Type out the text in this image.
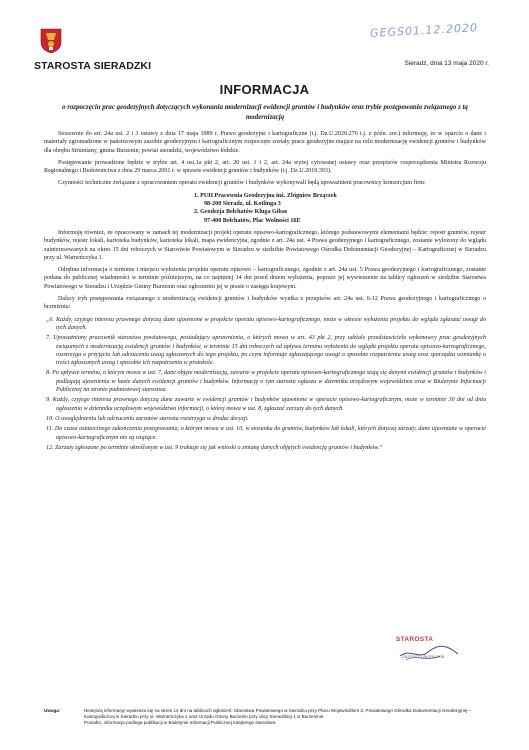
STAROSTA SIERADZKI
GEGS01.12.2020
Sieradz, dnia 13 maja 2020 r.
INFORMACJA
o rozpoczęciu prac geodezyjnych dotyczących wykonania modernizacji ewidencji gruntów i budynków oraz trybie postępowania związanego z tą modernizacją

Stosownie do art. 24a ust. 2 i 3 ustawy z dnia 17 maja 1989 r. Prawo geodezyjne i kartograficzne (t.j. Dz.U.2020.276 t.j. z późn. zm.) informuję, że w oparciu o dane i materiały zgromadzone w państwowym zasobie geodezyjnym i kartograficznym rozpoczęte zostały prace geodezyjne mające na celu modernizację ewidencji gruntów i budynków dla obrębu Strumiany, gmina Burzenin, powiat sieradzki, województwo łódzkie.

Postępowanie prowadzone będzie w trybie art. 4 ust.1a pkt 2, art. 20 ust. 1 i 2, art. 24a wyżej cytowanej ustawy oraz przepisów rozporządzenia Ministra Rozwoju Regionalnego i Budownictwa z dnia 29 marca 2001 r. w sprawie ewidencji gruntów i budynków (t.j. Dz.U.2019.393).

Czynności techniczne związane z opracowaniem operatu ewidencji gruntów i budynków wykonywali będą upoważnieni pracownicy konsorcjum firm:

1. PUH Pracownia Geodezyjna inż. Zbigniew Brzączek
98-200 Sieradz, ul. Kotlinga 3
2. Geodezja Bełchatów Kluga Gibas
97-400 Bełchatów, Plac Wolności 16E

Informuję również, że opracowany w ramach tej modernizacji projekt operatu opisowo-kartograficznego, którego podstawowymi elementami będzie: rejestr gruntów, rejestr budynków, rejestr lokali, kartoteka budynków, kartoteka lokali, mapa ewidencyjna, zgodnie z art. 24a ust. 4 Prawa geodezyjnego i kartograficznego, zostanie wyłożony do wglądu zainteresowanych na okres 15 dni roboczych w Starostwie Powiatowym w Sieradzu w siedzibie Powiatowego Ośrodka Dokumentacji Geodezyjnej – Kartograficznej w Sieradzu przy ul. Warneńczyka 1.

Odrębna informacja o terminie i miejscu wyłożenia projektu operatu opisowo – kartograficznego, zgodnie z art. 24a ust. 5 Prawa geodezyjnego i kartograficznego, zostanie podana do publicznej wiadomości w terminie późniejszym, na co najmniej 14 dni przed dniem wyłożenia, poprzez jej wywieszenie na tablicy ogłoszeń w siedzibie Starostwa Powiatowego w Sieradzu i Urzędzie Gminy Burzenin oraz ogłoszeniu jej w prasie o zasięgu krajowym.

Dalszy tryb postępowania związanego z modernizacją ewidencji gruntów i budynków wynika z przepisów art. 24a ust. 6-12 Prawa geodezyjnego i kartograficznego o brzmieniu:

„6. Każdy, czyjego interesu prawnego dotyczą dane ujawnione w projekcie operatu opisowo-kartograficznego, może w okresie wyłożenia projektu do wglądu zgłaszać uwagi do tych danych.
7. Upoważniony pracownik starostwa powiatowego, posiadający uprawnienia, o których mowa w art. 43 pkt 2, przy udziale przedstawiciela wykonawcy prac geodezyjnych związanych z modernizacją ewidencji gruntów i budynków, w terminie 15 dni roboczych od upływu terminu wyłożenia do wglądu projektu operatu opisowo-kartograficznego, rozstrzyga o przyjęciu lub odrzuceniu uwag zgłoszonych do tego projektu, po czym informuje zgłaszającego uwagi o sposobie rozpatrzenia uwag oraz sporządza wzmiankę o treści zgłoszonych uwag i sposobie ich rozpatrzenia w protokole.
8. Po upływie terminu, o którym mowa w ust. 7, dane objęte modernizacją, zawarte w projekcie operatu opisowo-kartograficznego stają się danymi ewidencji gruntów i budynków i podlegają ujawnieniu w bazie danych ewidencji gruntów i budynków. Informację o tym starosta ogłasza w dzienniku urzędowym województwa oraz w Biuletynie Informacji Publicznej na stronie podmiotowej starostwa.
9. Każdy, czyjego interesu prawnego dotyczą dane zawarte w ewidencji gruntów i budynków ujawnione w operacie opisowo-kartograficznym, może w terminie 30 dni od dnia ogłoszenia w dzienniku urzędowym województwa informacji, o której mowa w ust. 8, zgłaszać zarzuty do tych danych.
10. O uwzględnieniu lub odrzuceniu zarzutów starosta rozstrzyga w drodze decyzji.
11. Do czasu ostatecznego zakończenia postępowania, o którym mowa w ust. 10, w stosunku do gruntów, budynków lub lokali, których dotyczą zarzuty, dane ujawniane w operacie opisowo-kartograficznym nie są wiążące.
12. Zarzuty zgłoszone po terminie określonym w ust. 9 traktuje się jak wnioski o zmianę danych objętych ewidencją gruntów i budynków.”
STAROSTA
Dariusz Olejniczak
Uwaga:	Niniejszą informację wywiesza się na okres 14 dni na tablicach ogłoszeń: Starostwa Powiatowego w Sieradzu przy Placu Wojewódzkim 3, Powiatowego Ośrodka Dokumentacji Geodezyjnej – Kartograficznej w Sieradzu przy ul. Warneńczyka 1 oraz Urzędu Gminy Burzenin przy ulicy Sieradzkiej 1 w Burzeninie.
Ponadto, informacja podlega publikacji w Biuletynie Informacji Publicznej tutejszego starostwa.
